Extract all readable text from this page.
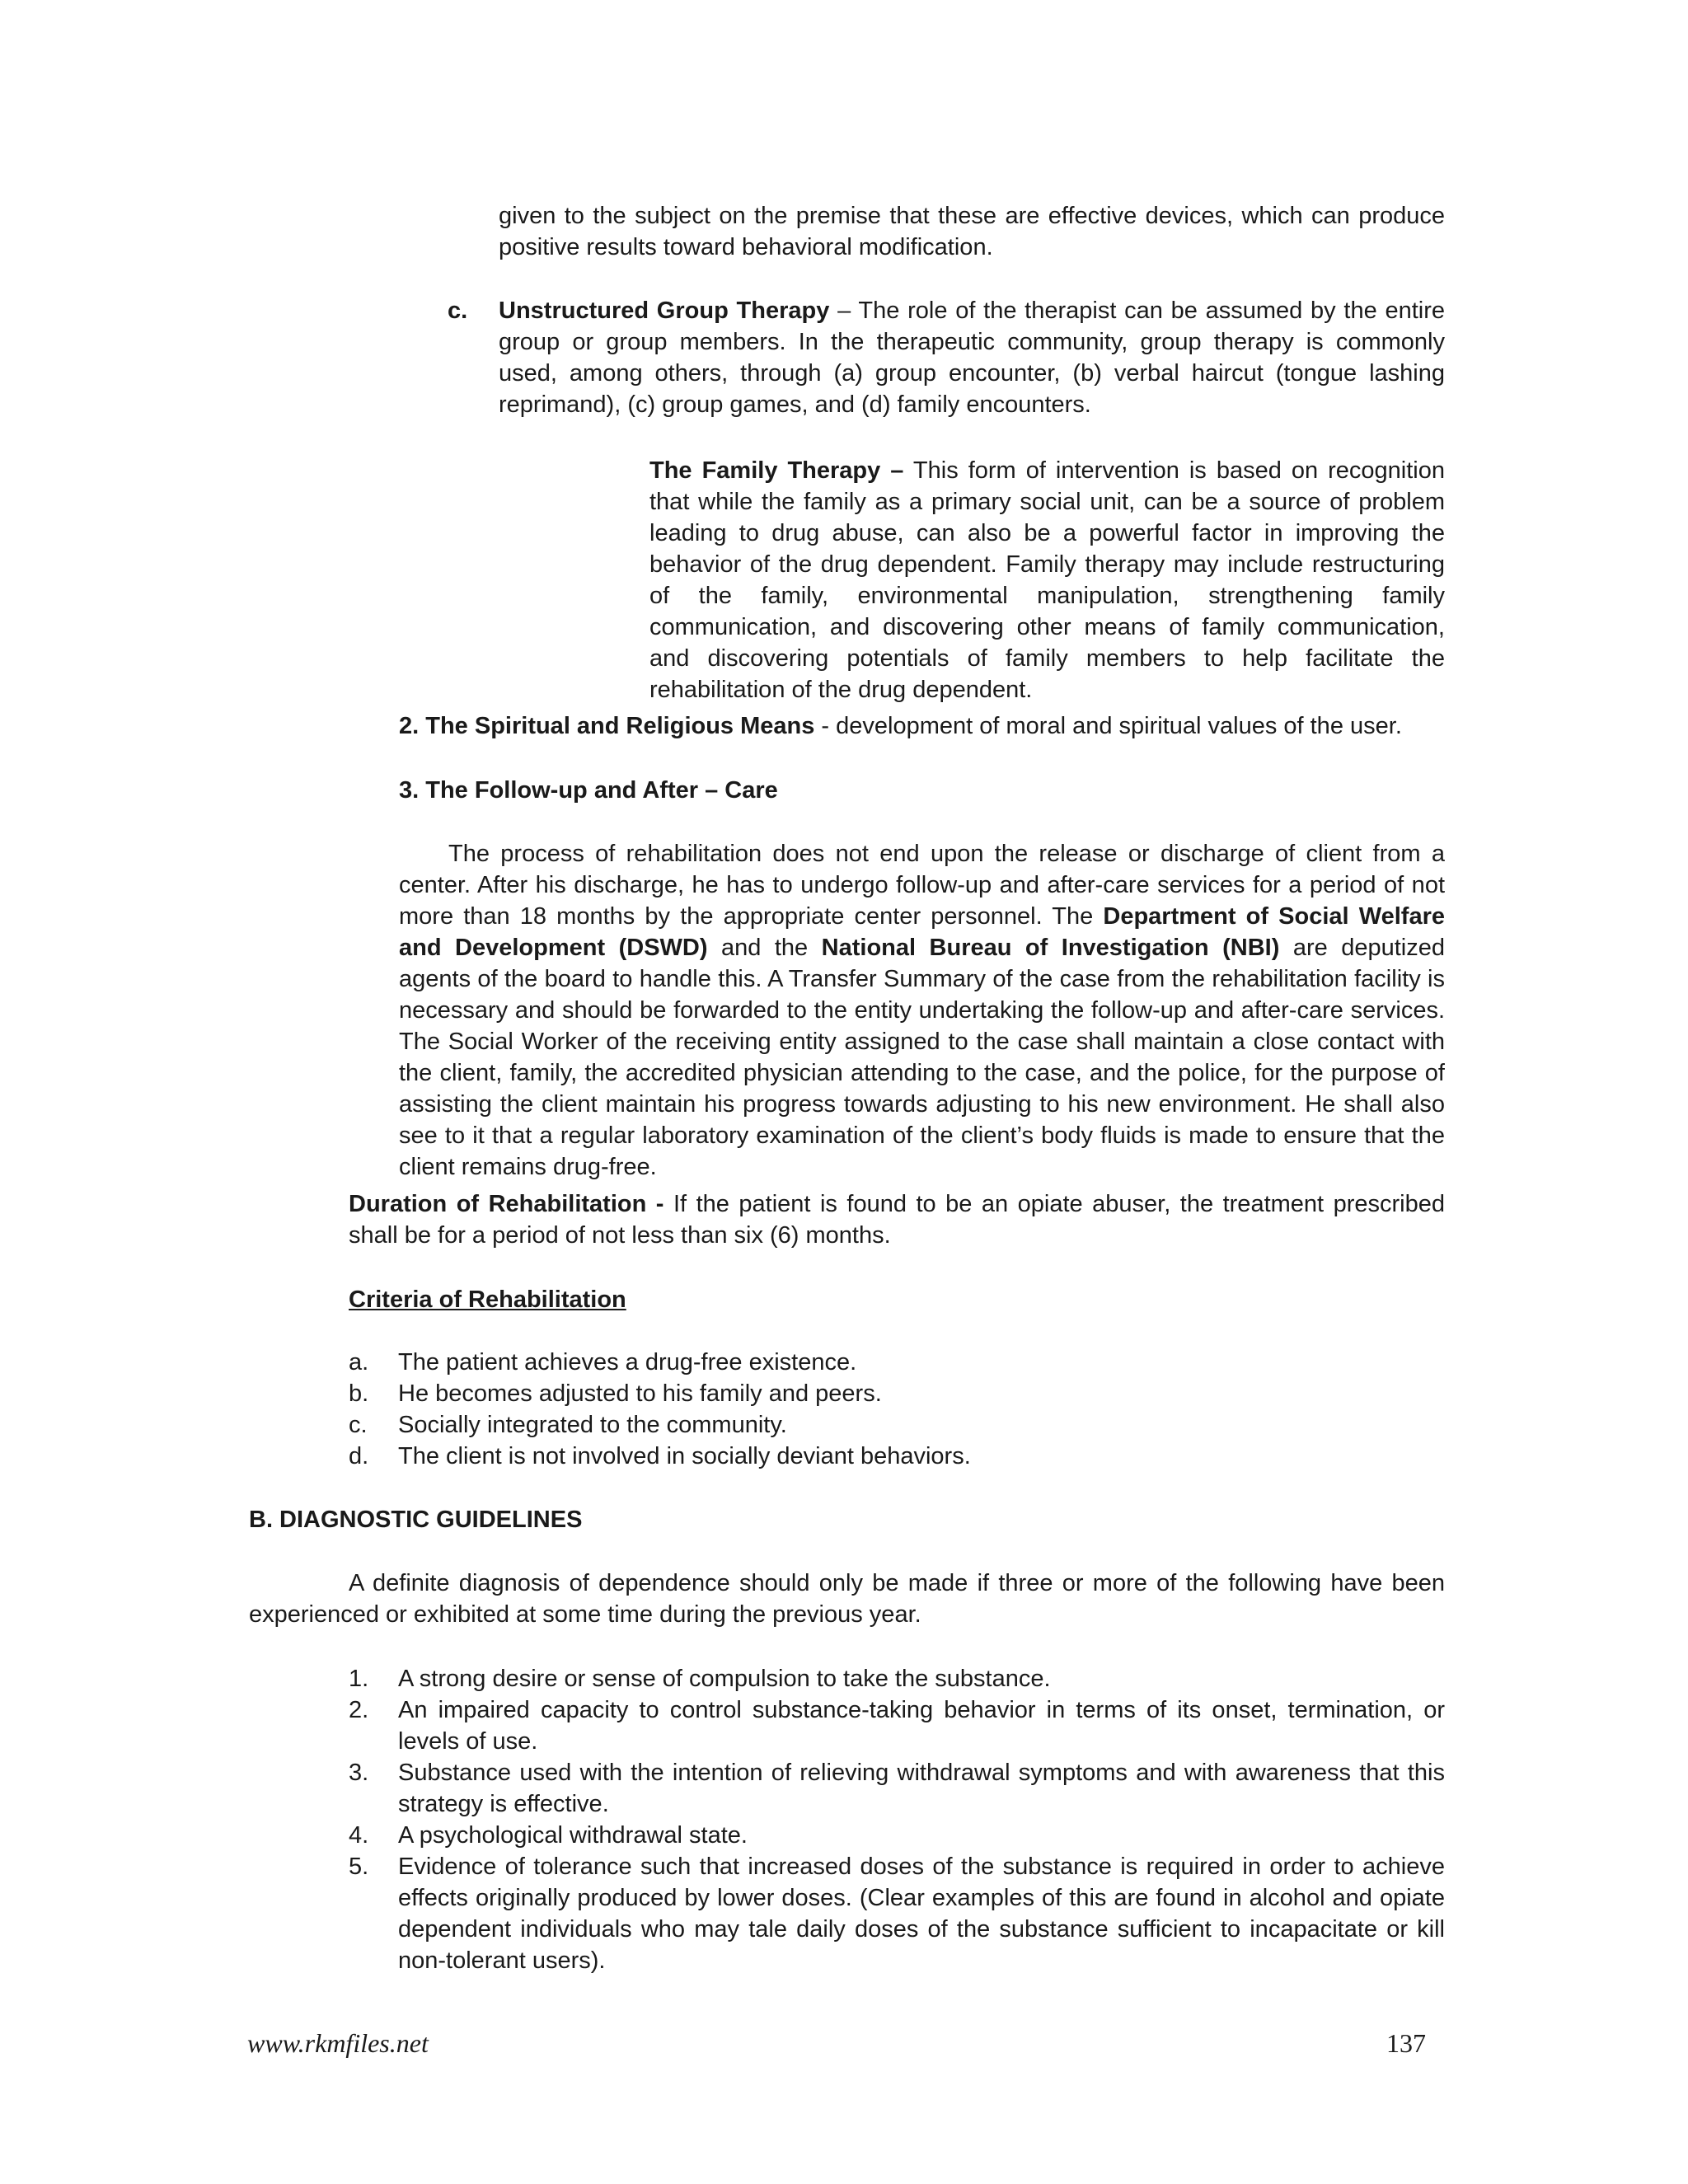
given to the subject on the premise that these are effective devices, which can produce positive results toward behavioral modification.

c. Unstructured Group Therapy – The role of the therapist can be assumed by the entire group or group members. In the therapeutic community, group therapy is commonly used, among others, through (a) group encounter, (b) verbal haircut (tongue lashing reprimand), (c) group games, and (d) family encounters.

The Family Therapy – This form of intervention is based on recognition that while the family as a primary social unit, can be a source of problem leading to drug abuse, can also be a powerful factor in improving the behavior of the drug dependent. Family therapy may include restructuring of the family, environmental manipulation, strengthening family communication, and discovering other means of family communication, and discovering potentials of family members to help facilitate the rehabilitation of the drug dependent.

2. The Spiritual and Religious Means - development of moral and spiritual values of the user.

3. The Follow-up and After – Care

The process of rehabilitation does not end upon the release or discharge of client from a center. After his discharge, he has to undergo follow-up and after-care services for a period of not more than 18 months by the appropriate center personnel. The Department of Social Welfare and Development (DSWD) and the National Bureau of Investigation (NBI) are deputized agents of the board to handle this. A Transfer Summary of the case from the rehabilitation facility is necessary and should be forwarded to the entity undertaking the follow-up and after-care services. The Social Worker of the receiving entity assigned to the case shall maintain a close contact with the client, family, the accredited physician attending to the case, and the police, for the purpose of assisting the client maintain his progress towards adjusting to his new environment. He shall also see to it that a regular laboratory examination of the client’s body fluids is made to ensure that the client remains drug-free.

Duration of Rehabilitation - If the patient is found to be an opiate abuser, the treatment prescribed shall be for a period of not less than six (6) months.

Criteria of Rehabilitation
a.	The patient achieves a drug-free existence.
b.	He becomes adjusted to his family and peers.
c.	Socially integrated to the community.
d.	The client is not involved in socially deviant behaviors.
B. DIAGNOSTIC GUIDELINES

A definite diagnosis of dependence should only be made if three or more of the following have been experienced or exhibited at some time during the previous year.

1.	A strong desire or sense of compulsion to take the substance.
2.	An impaired capacity to control substance-taking behavior in terms of its onset, termination, or levels of use.
3.	Substance used with the intention of relieving withdrawal symptoms and with awareness that this strategy is effective.
4.	A psychological withdrawal state.
5.	Evidence of tolerance such that increased doses of the substance is required in order to achieve effects originally produced by lower doses. (Clear examples of this are found in alcohol and opiate dependent individuals who may tale daily doses of the substance sufficient to incapacitate or kill non-tolerant users).
www.rkmfiles.net	137
